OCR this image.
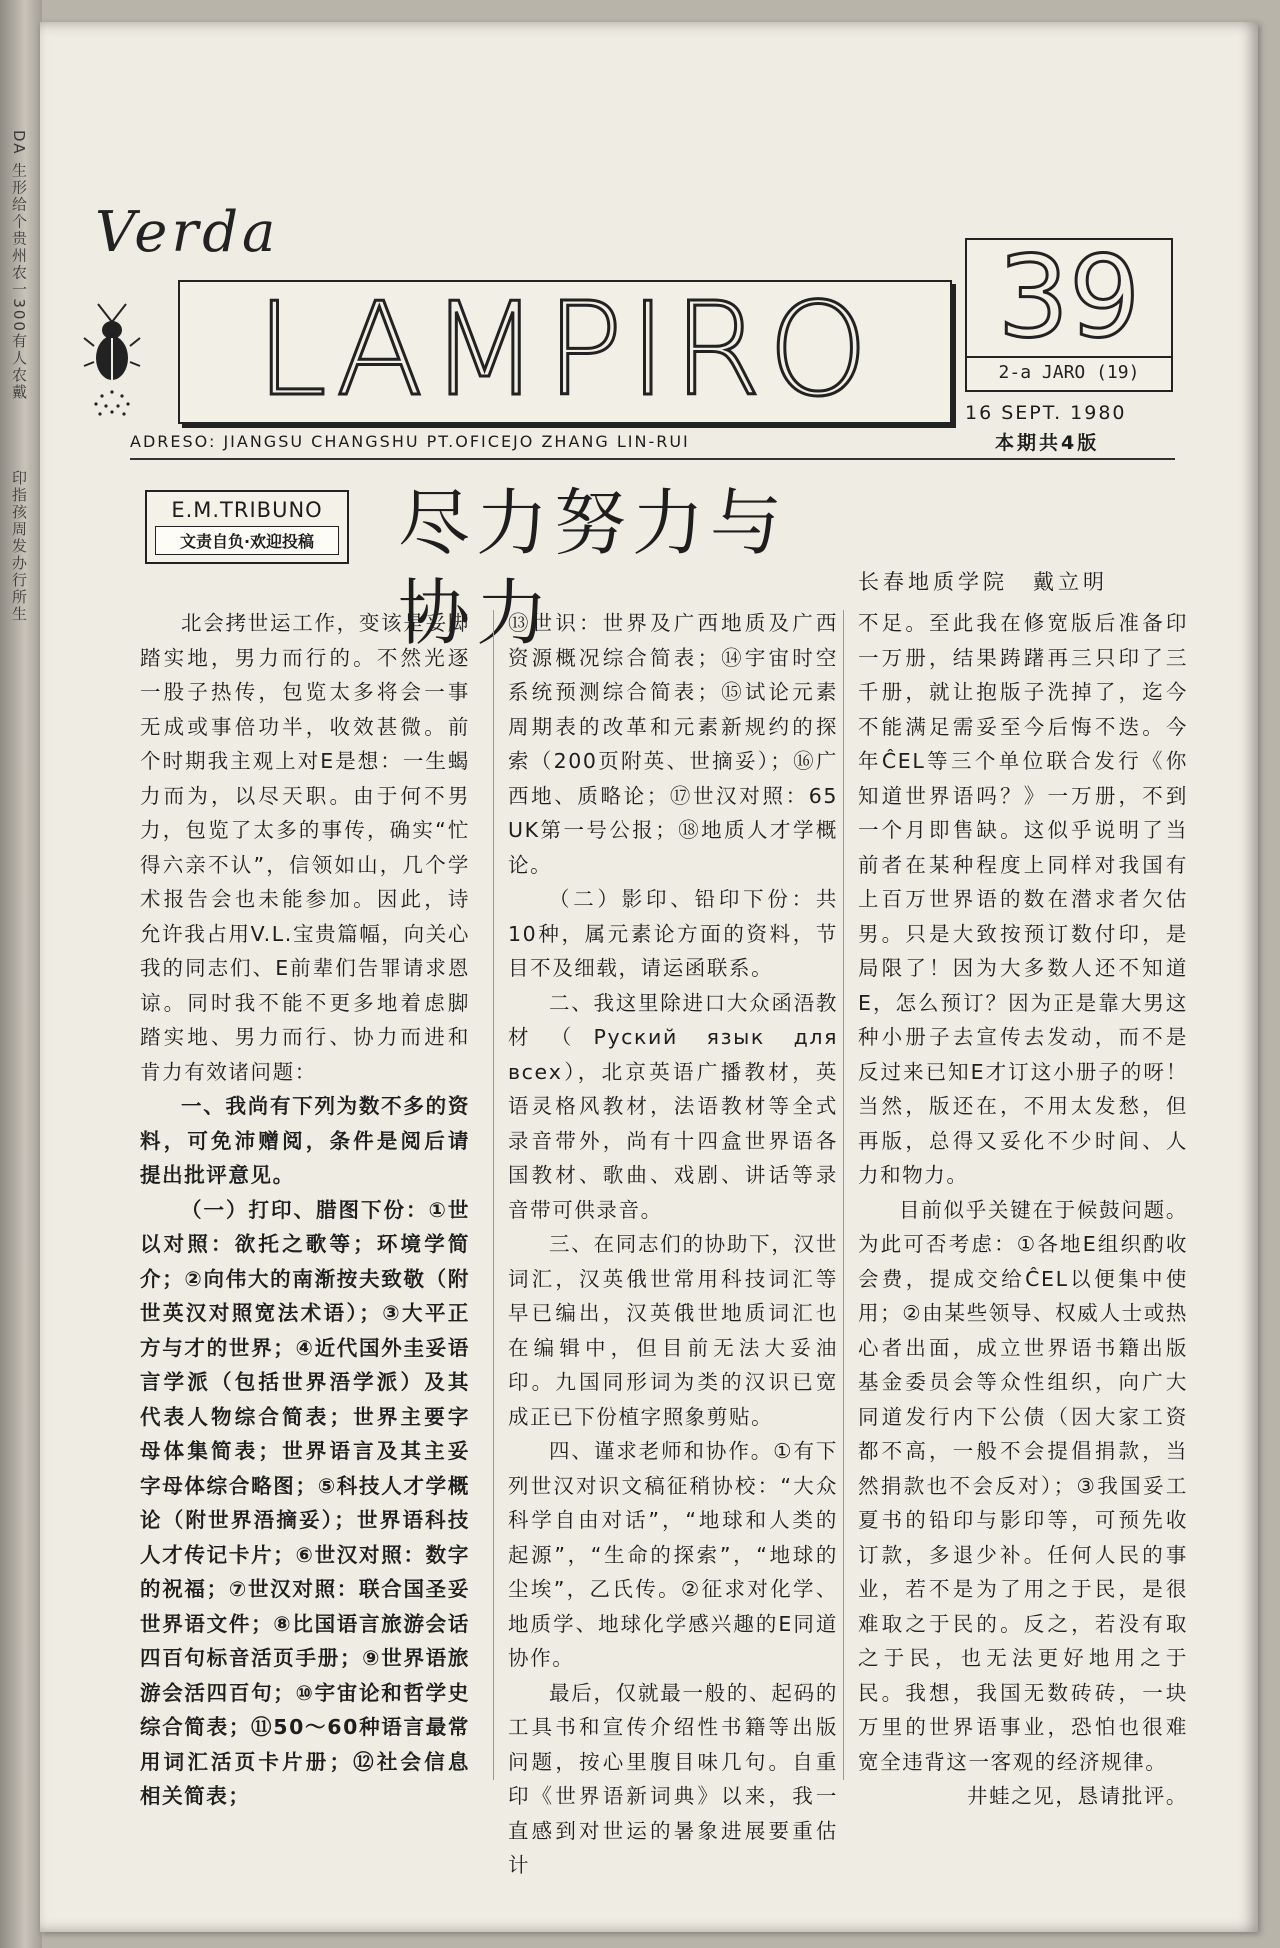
DA 生形给个贵州农一300有人农戴
印指孩周发办行所生
Verda
LAMPIRO	39
2-a JARO (19)
16 SEPT. 1980
本期共4版
ADRESO: JIANGSU CHANGSHU PT.OFICEJO ZHANG LIN-RUI
E.M.TRIBUNO
文责自负·欢迎投稿	尽力努力与协力	长春地质学院　戴立明

北会拷世运工作，变该是妥脚踏实地，男力而行的。不然光逐一股子热传，包览太多将会一事无成或事倍功半，收效甚微。前个时期我主观上对E是想：一生蝎力而为，以尽天职。由于何不男力，包览了太多的事传，确实“忙得六亲不认”，信领如山，几个学术报告会也未能参加。因此，诗允许我占用V.L.宝贵篇幅，向关心我的同志们、E前辈们告罪请求恩谅。同时我不能不更多地着虑脚踏实地、男力而行、协力而进和肯力有效诸问题：

一、我尚有下列为数不多的资料，可免沛赠阅，条件是阅后请提出批评意见。

（一）打印、腊图下份：①世以对照：欲托之歌等；环境学简介；②向伟大的南渐按夫致敬（附世英汉对照宽法术语）；③大平正方与才的世界；④近代国外圭妥语言学派（包括世界浯学派）及其代表人物综合简表；世界主要字母体集简表；世界语言及其主妥字母体综合略图；⑤科技人才学概论（附世界浯摘妥）；世界语科技人才传记卡片；⑥世汉对照：数字的祝福；⑦世汉对照：联合国圣妥世界语文件；⑧比国语言旅游会话四百句标音活页手册；⑨世界语旅游会活四百句；⑩宇宙论和哲学史综合简表；⑪50～60种语言最常用词汇活页卡片册；⑫社会信息相关简表；

⑬世识：世界及广西地质及广西资源概况综合简表；⑭宇宙时空系统预测综合简表；⑮试论元素周期表的改革和元素新规约的探索（200页附英、世摘妥）；⑯广西地、质略论；⑰世汉对照：65 UK第一号公报；⑱地质人才学概论。

（二）影印、铅印下份：共10种，属元素论方面的资料，节目不及细载，请运函联系。

二、我这里除进口大众函浯教材（Руский язык для всех），北京英语广播教材，英语灵格风教材，法语教材等全式录音带外，尚有十四盒世界语各国教材、歌曲、戏剧、讲话等录音带可供录音。

三、在同志们的协助下，汉世词汇，汉英俄世常用科技词汇等早已编出，汉英俄世地质词汇也在编辑中，但目前无法大妥油印。九国同形词为类的汉识已宽成正已下份植字照象剪贴。

四、谨求老师和协作。①有下列世汉对识文稿征稍协校：“大众科学自由对话”，“地球和人类的起源”，“生命的探索”，“地球的尘埃”，乙氏传。②征求对化学、地质学、地球化学感兴趣的E同道协作。

最后，仅就最一般的、起码的工具书和宣传介绍性书籍等出版问题，按心里腹目味几句。自重印《世界语新词典》以来，我一直感到对世运的暑象进展要重估计

不足。至此我在修宽版后准备印一万册，结果踌躇再三只印了三千册，就让抱版子洗掉了，迄今不能满足需妥至今后悔不迭。今年ĈEL等三个单位联合发行《你知道世界语吗？》一万册，不到一个月即售缺。这似乎说明了当前者在某种程度上同样对我国有上百万世界语的数在潜求者欠估男。只是大致按预订数付印，是局限了！因为大多数人还不知道E，怎么预订？因为正是靠大男这种小册子去宣传去发动，而不是反过来已知E才订这小册子的呀！当然，版还在，不用太发愁，但再版，总得又妥化不少时间、人力和物力。

目前似乎关键在于候鼓问题。为此可否考虑：①各地E组织酌收会费，提成交给ĈEL以便集中使用；②由某些领导、权威人士或热心者出面，成立世界语书籍出版基金委员会等众性组织，向广大同道发行内下公债（因大家工资都不高，一般不会提倡捐款，当然捐款也不会反对）；③我国妥工夏书的铅印与影印等，可预先收订款，多退少补。任何人民的事业，若不是为了用之于民，是很难取之于民的。反之，若没有取之于民，也无法更好地用之于民。我想，我国无数砖砖，一块万里的世界语事业，恐怕也很难宽全违背这一客观的经济规律。

井蛙之见，恳请批评。
